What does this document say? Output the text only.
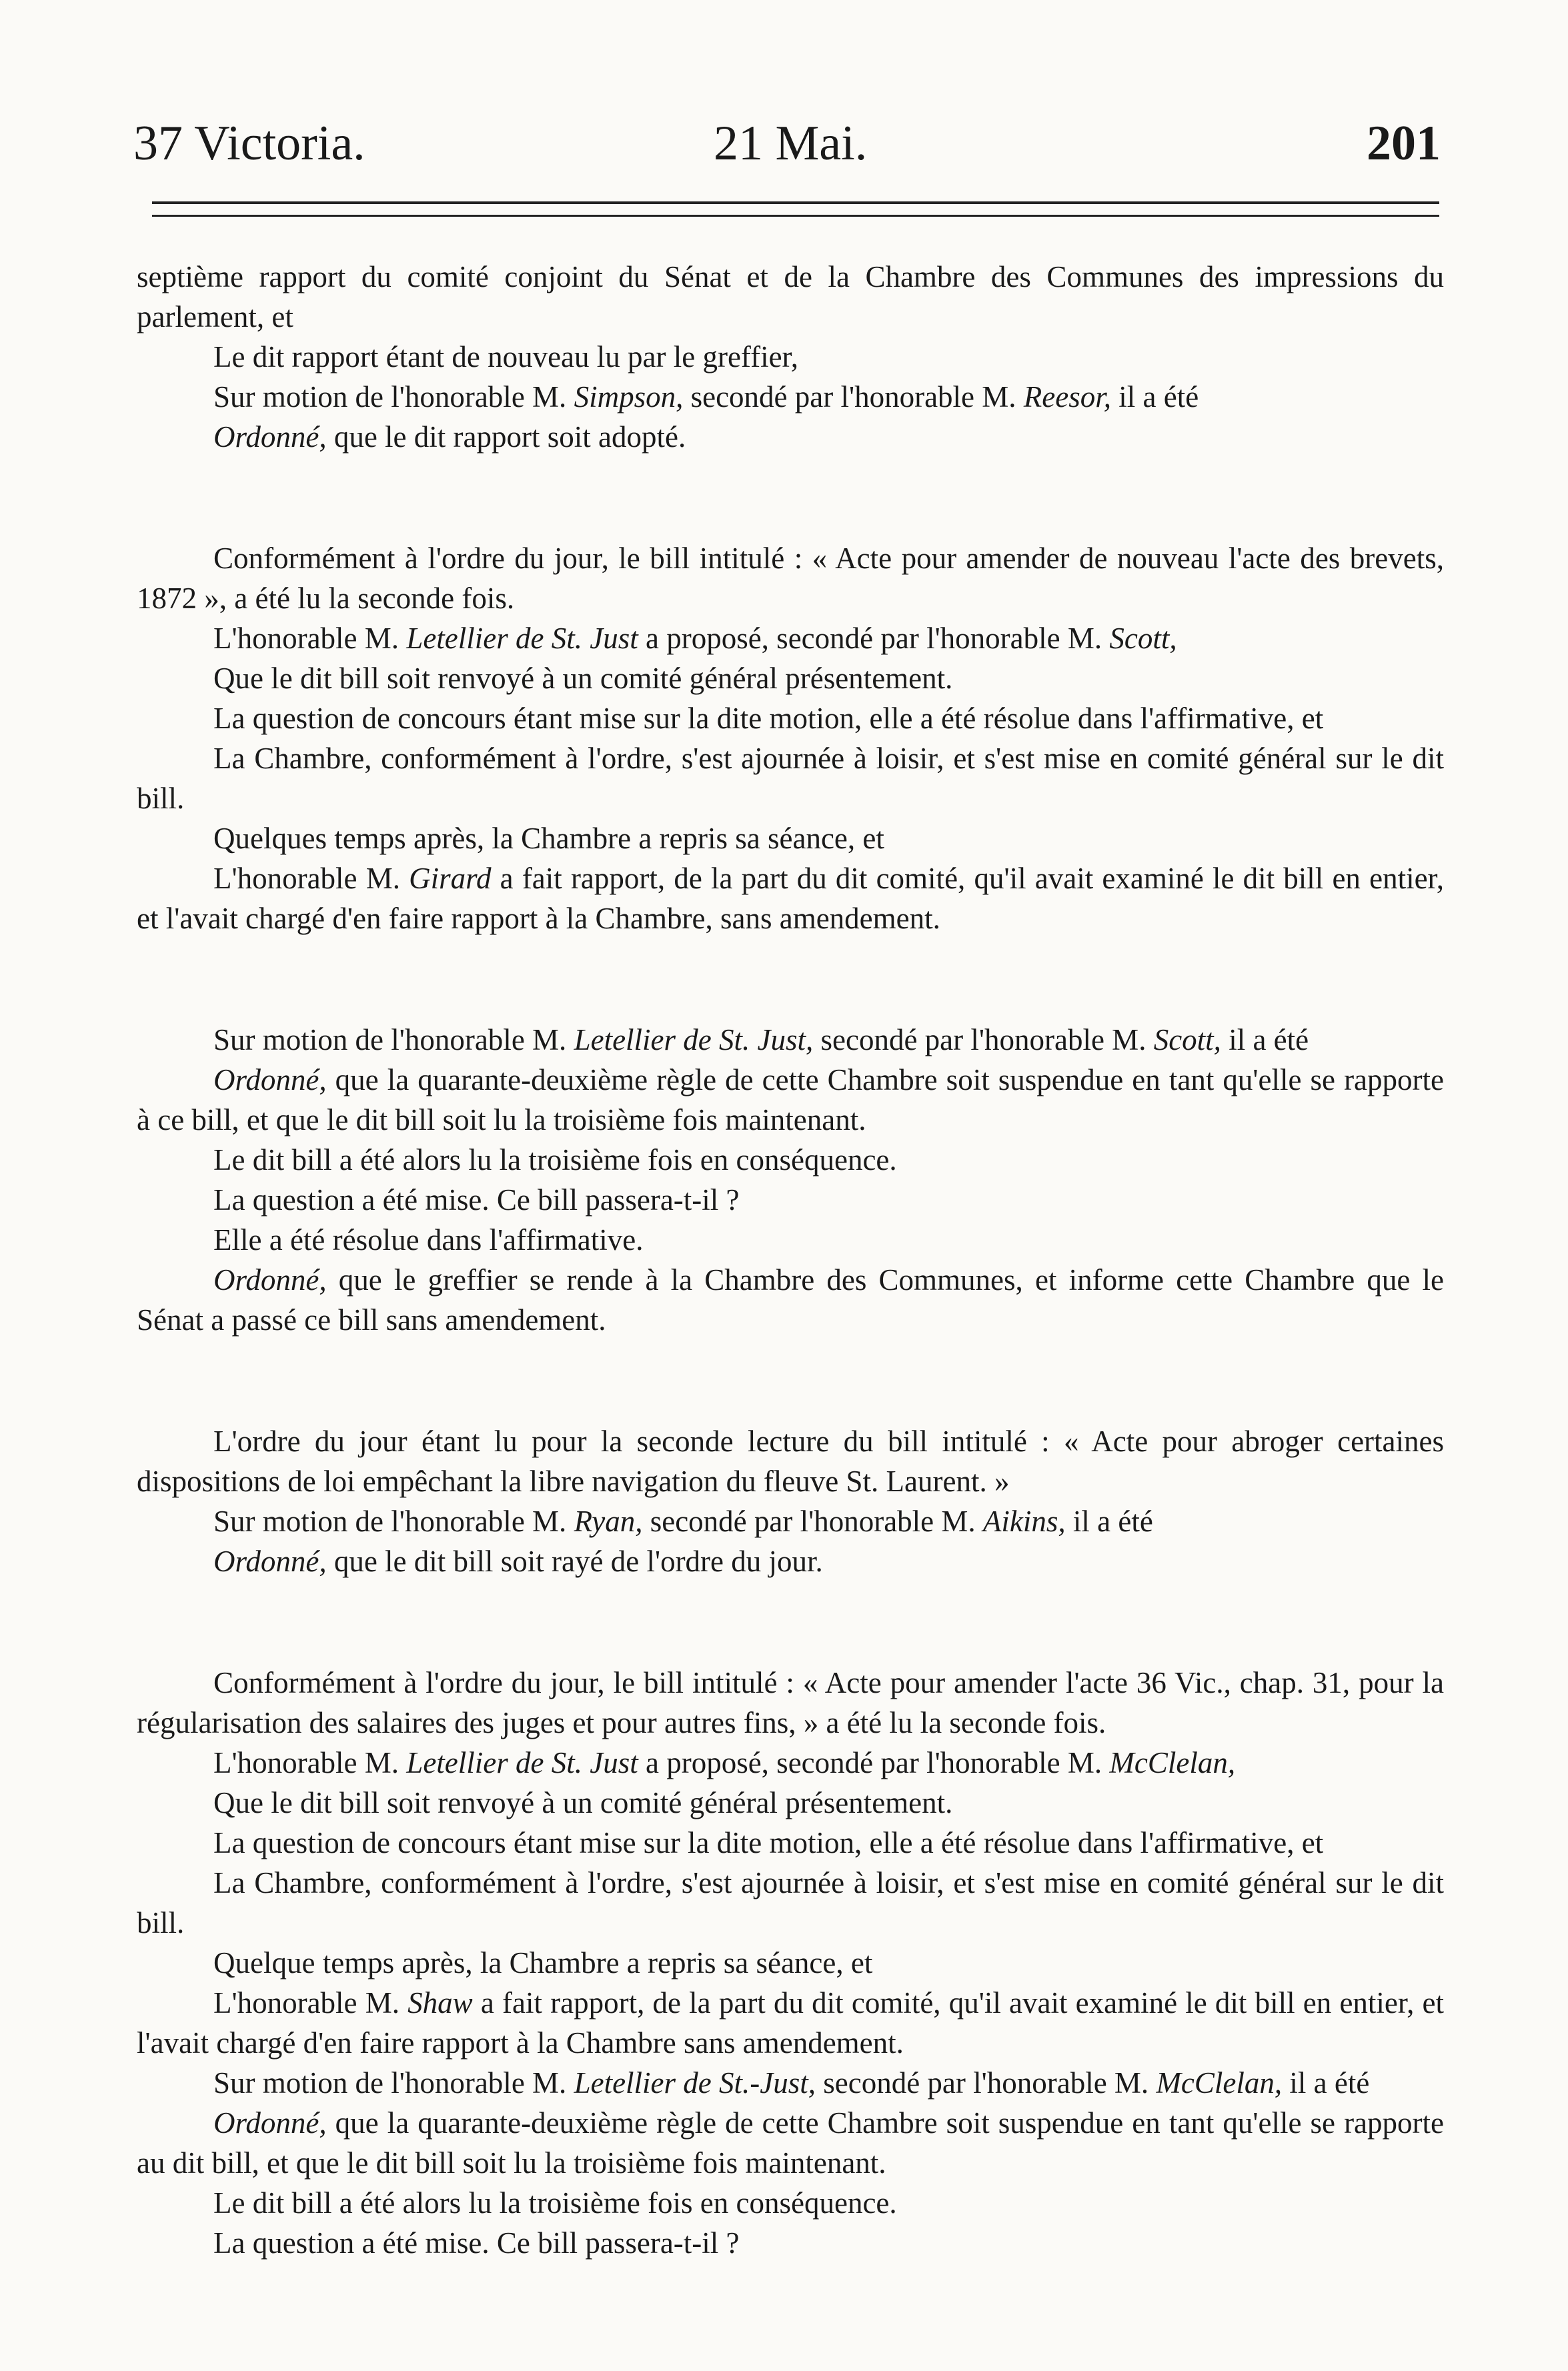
37 Victoria.	21 Mai.	201

septième rapport du comité conjoint du Sénat et de la Chambre des Communes des impressions du parlement, et

Le dit rapport étant de nouveau lu par le greffier,

Sur motion de l'honorable M. Simpson, secondé par l'honorable M. Reesor, il a été

Ordonné, que le dit rapport soit adopté.

Conformément à l'ordre du jour, le bill intitulé : « Acte pour amender de nouveau l'acte des brevets, 1872 », a été lu la seconde fois.

L'honorable M. Letellier de St. Just a proposé, secondé par l'honorable M. Scott,

Que le dit bill soit renvoyé à un comité général présentement.

La question de concours étant mise sur la dite motion, elle a été résolue dans l'affirmative, et

La Chambre, conformément à l'ordre, s'est ajournée à loisir, et s'est mise en comité général sur le dit bill.

Quelques temps après, la Chambre a repris sa séance, et

L'honorable M. Girard a fait rapport, de la part du dit comité, qu'il avait examiné le dit bill en entier, et l'avait chargé d'en faire rapport à la Chambre, sans amendement.

Sur motion de l'honorable M. Letellier de St. Just, secondé par l'honorable M. Scott, il a été

Ordonné, que la quarante-deuxième règle de cette Chambre soit suspendue en tant qu'elle se rapporte à ce bill, et que le dit bill soit lu la troisième fois maintenant.

Le dit bill a été alors lu la troisième fois en conséquence.

La question a été mise. Ce bill passera-t-il ?

Elle a été résolue dans l'affirmative.

Ordonné, que le greffier se rende à la Chambre des Communes, et informe cette Chambre que le Sénat a passé ce bill sans amendement.

L'ordre du jour étant lu pour la seconde lecture du bill intitulé : « Acte pour abroger certaines dispositions de loi empêchant la libre navigation du fleuve St. Laurent. »

Sur motion de l'honorable M. Ryan, secondé par l'honorable M. Aikins, il a été

Ordonné, que le dit bill soit rayé de l'ordre du jour.

Conformément à l'ordre du jour, le bill intitulé : « Acte pour amender l'acte 36 Vic., chap. 31, pour la régularisation des salaires des juges et pour autres fins, » a été lu la seconde fois.

L'honorable M. Letellier de St. Just a proposé, secondé par l'honorable M. McClelan,

Que le dit bill soit renvoyé à un comité général présentement.

La question de concours étant mise sur la dite motion, elle a été résolue dans l'affirmative, et

La Chambre, conformément à l'ordre, s'est ajournée à loisir, et s'est mise en comité général sur le dit bill.

Quelque temps après, la Chambre a repris sa séance, et

L'honorable M. Shaw a fait rapport, de la part du dit comité, qu'il avait examiné le dit bill en entier, et l'avait chargé d'en faire rapport à la Chambre sans amendement.

Sur motion de l'honorable M. Letellier de St.-Just, secondé par l'honorable M. McClelan, il a été

Ordonné, que la quarante-deuxième règle de cette Chambre soit suspendue en tant qu'elle se rapporte au dit bill, et que le dit bill soit lu la troisième fois maintenant.

Le dit bill a été alors lu la troisième fois en conséquence.

La question a été mise. Ce bill passera-t-il ?
